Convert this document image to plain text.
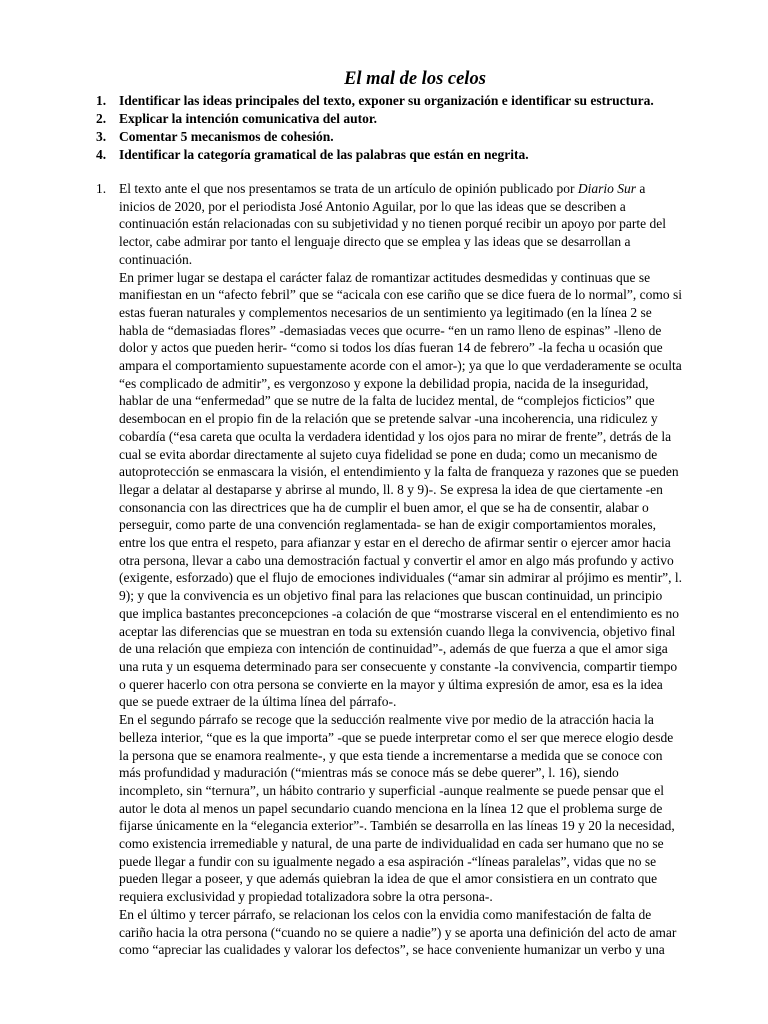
El mal de los celos
1. Identificar las ideas principales del texto, exponer su organización e identificar su estructura.
2. Explicar la intención comunicativa del autor.
3. Comentar 5 mecanismos de cohesión.
4. Identificar la categoría gramatical de las palabras que están en negrita.
1. El texto ante el que nos presentamos se trata de un artículo de opinión publicado por Diario Sur a
inicios de 2020, por el periodista José Antonio Aguilar, por lo que las ideas que se describen a
continuación están relacionadas con su subjetividad y no tienen porqué recibir un apoyo por parte del
lector, cabe admirar por tanto el lenguaje directo que se emplea y las ideas que se desarrollan a
continuación.

En primer lugar se destapa el carácter falaz de romantizar actitudes desmedidas y continuas que se
manifiestan en un “afecto febril” que se “acicala con ese cariño que se dice fuera de lo normal”, como si
estas fueran naturales y complementos necesarios de un sentimiento ya legitimado (en la línea 2 se
habla de “demasiadas flores” -demasiadas veces que ocurre- “en un ramo lleno de espinas” -lleno de
dolor y actos que pueden herir- “como si todos los días fueran 14 de febrero” -la fecha u ocasión que
ampara el comportamiento supuestamente acorde con el amor-); ya que lo que verdaderamente se oculta
“es complicado de admitir”, es vergonzoso y expone la debilidad propia, nacida de la inseguridad,
hablar de una “enfermedad” que se nutre de la falta de lucidez mental, de “complejos ficticios” que
desembocan en el propio fin de la relación que se pretende salvar -una incoherencia, una ridiculez y
cobardía (“esa careta que oculta la verdadera identidad y los ojos para no mirar de frente”, detrás de la
cual se evita abordar directamente al sujeto cuya fidelidad se pone en duda; como un mecanismo de
autoprotección se enmascara la visión, el entendimiento y la falta de franqueza y razones que se pueden
llegar a delatar al destaparse y abrirse al mundo, ll. 8 y 9)-. Se expresa la idea de que ciertamente -en
consonancia con las directrices que ha de cumplir el buen amor, el que se ha de consentir, alabar o
perseguir, como parte de una convención reglamentada- se han de exigir comportamientos morales,
entre los que entra el respeto, para afianzar y estar en el derecho de afirmar sentir o ejercer amor hacia
otra persona, llevar a cabo una demostración factual y convertir el amor en algo más profundo y activo
(exigente, esforzado) que el flujo de emociones individuales (“amar sin admirar al prójimo es mentir”, l.
9); y que la convivencia es un objetivo final para las relaciones que buscan continuidad, un principio
que implica bastantes preconcepciones -a colación de que “mostrarse visceral en el entendimiento es no
aceptar las diferencias que se muestran en toda su extensión cuando llega la convivencia, objetivo final
de una relación que empieza con intención de continuidad”-, además de que fuerza a que el amor siga
una ruta y un esquema determinado para ser consecuente y constante -la convivencia, compartir tiempo
o querer hacerlo con otra persona se convierte en la mayor y última expresión de amor, esa es la idea
que se puede extraer de la última línea del párrafo-.

En el segundo párrafo se recoge que la seducción realmente vive por medio de la atracción hacia la
belleza interior, “que es la que importa” -que se puede interpretar como el ser que merece elogio desde
la persona que se enamora realmente-, y que esta tiende a incrementarse a medida que se conoce con
más profundidad y maduración (“mientras más se conoce más se debe querer”, l. 16), siendo
incompleto, sin “ternura”, un hábito contrario y superficial -aunque realmente se puede pensar que el
autor le dota al menos un papel secundario cuando menciona en la línea 12 que el problema surge de
fijarse únicamente en la “elegancia exterior”-. También se desarrolla en las líneas 19 y 20 la necesidad,
como existencia irremediable y natural, de una parte de individualidad en cada ser humano que no se
puede llegar a fundir con su igualmente negado a esa aspiración -“líneas paralelas”, vidas que no se
pueden llegar a poseer, y que además quiebran la idea de que el amor consistiera en un contrato que
requiera exclusividad y propiedad totalizadora sobre la otra persona-.

En el último y tercer párrafo, se relacionan los celos con la envidia como manifestación de falta de
cariño hacia la otra persona (“cuando no se quiere a nadie”) y se aporta una definición del acto de amar
como “apreciar las cualidades y valorar los defectos”, se hace conveniente humanizar un verbo y una
